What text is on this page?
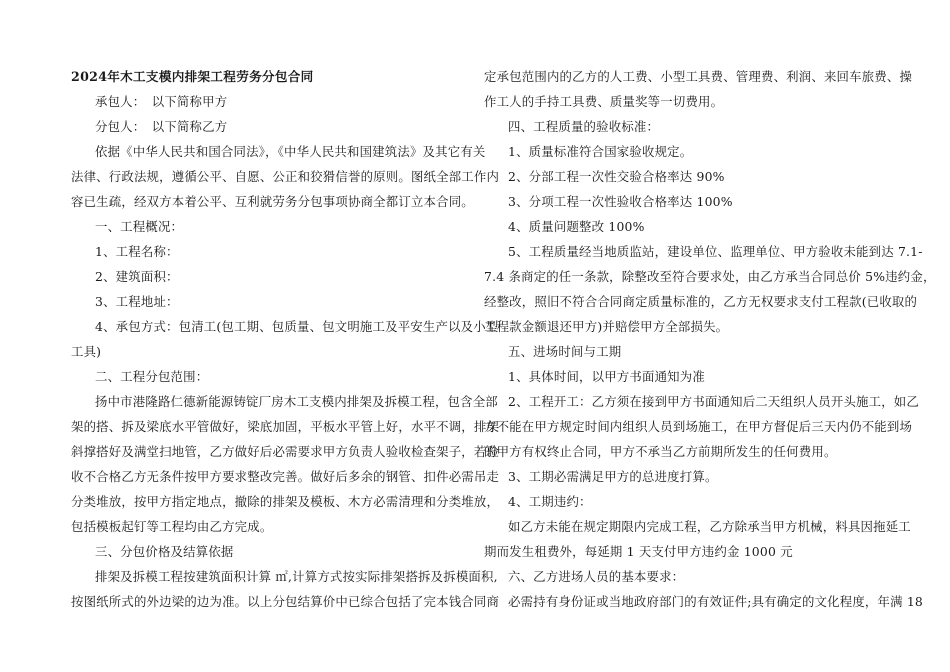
2024年木工支模内排架工程劳务分包合同
承包人：　以下简称甲方
分包人：　以下简称乙方
依据《中华人民共和国合同法》，《中华人民共和国建筑法》及其它有关
法律、行政法规，遵循公平、自愿、公正和狡猾信誉的原则。图纸全部工作内
容已生疏，经双方本着公平、互利就劳务分包事项协商全都订立本合同。
一、工程概况：
1、工程名称：
2、建筑面积：
3、工程地址：
4、承包方式：包清工(包工期、包质量、包文明施工及平安生产以及小型
工具)
二、工程分包范围：
扬中市港隆路仁德新能源铸锭厂房木工支模内排架及拆模工程，包含全部
架的搭、拆及梁底水平管做好，梁底加固，平板水平管上好，水平不调，排架
斜撑搭好及满堂扫地管，乙方做好后必需要求甲方负责人验收检查架子，若验
收不合格乙方无条件按甲方要求整改完善。做好后多余的钢管、扣件必需吊走
分类堆放，按甲方指定地点，撤除的排架及模板、木方必需清理和分类堆放，
包括模板起钉等工程均由乙方完成。
三、分包价格及结算依据
排架及拆模工程按建筑面积计算 ㎡,计算方式按实际排架搭拆及拆模面积,
按图纸所式的外边梁的边为准。以上分包结算价中已综合包括了完本钱合同商
定承包范围内的乙方的人工费、小型工具费、管理费、利润、来回车旅费、操
作工人的手持工具费、质量奖等一切费用。
四、工程质量的验收标准：
1、质量标准符合国家验收规定。
2、分部工程一次性交验合格率达 90%
3、分项工程一次性验收合格率达 100%
4、质量问题整改 100%
5、工程质量经当地质监站，建设单位、监理单位、甲方验收未能到达 7.1-
7.4 条商定的任一条款，除整改至符合要求处，由乙方承当合同总价 5%违约金，
经整改，照旧不符合合同商定质量标准的，乙方无权要求支付工程款(已收取的
工程款金额退还甲方)并赔偿甲方全部损失。
五、进场时间与工期
1、具体时间，以甲方书面通知为准
2、工程开工：乙方须在接到甲方书面通知后二天组织人员开头施工，如乙
方不能在甲方规定时间内组织人员到场施工，在甲方督促后三天内仍不能到场
的甲方有权终止合同，甲方不承当乙方前期所发生的任何费用。
3、工期必需满足甲方的总进度打算。
4、工期违约：
如乙方未能在规定期限内完成工程，乙方除承当甲方机械，料具因拖延工
期而发生租费外，每延期 1 天支付甲方违约金 1000 元
六、乙方进场人员的基本要求：
必需持有身份证或当地政府部门的有效证件;具有确定的文化程度，年满 18
